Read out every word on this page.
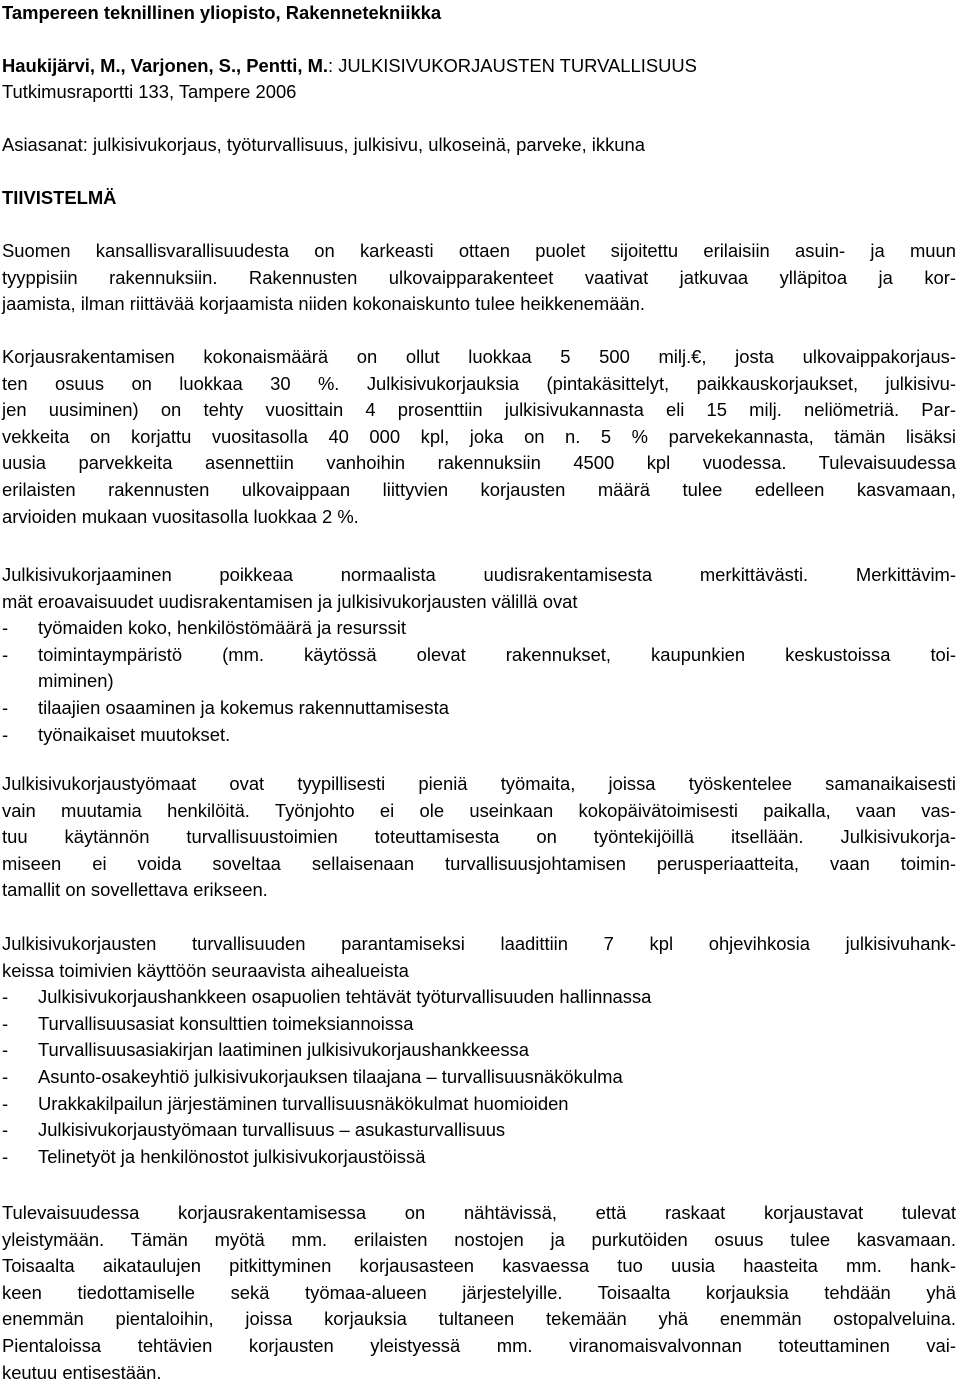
Tampereen teknillinen yliopisto, Rakennetekniikka
Haukijärvi, M., Varjonen, S., Pentti, M.: JULKISIVUKORJAUSTEN TURVALLISUUS
Tutkimusraportti 133, Tampere 2006
Asiasanat: julkisivukorjaus, työturvallisuus, julkisivu, ulkoseinä, parveke, ikkuna
TIIVISTELMÄ
Suomen kansallisvarallisuudesta on karkeasti ottaen puolet sijoitettu erilaisiin asuin- ja muun
tyyppisiin rakennuksiin. Rakennusten ulkovaipparakenteet vaativat jatkuvaa ylläpitoa ja kor-
jaamista, ilman riittävää korjaamista niiden kokonaiskunto tulee heikkenemään.
Korjausrakentamisen kokonaismäärä on ollut luokkaa 5 500 milj.€, josta ulkovaippakorjaus-
ten osuus on luokkaa 30 %. Julkisivukorjauksia (pintakäsittelyt, paikkauskorjaukset, julkisivu-
jen uusiminen) on tehty vuosittain 4 prosenttiin julkisivukannasta eli 15 milj. neliömetriä. Par-
vekkeita on korjattu vuositasolla 40 000 kpl, joka on n. 5 % parvekekannasta, tämän lisäksi
uusia parvekkeita asennettiin vanhoihin rakennuksiin 4500 kpl vuodessa. Tulevaisuudessa
erilaisten rakennusten ulkovaippaan liittyvien korjausten määrä tulee edelleen kasvamaan,
arvioiden mukaan vuositasolla luokkaa 2 %.
Julkisivukorjaaminen poikkeaa normaalista uudisrakentamisesta merkittävästi. Merkittävim-
mät eroavaisuudet uudisrakentamisen ja julkisivukorjausten välillä ovat
-	työmaiden koko, henkilöstömäärä ja resurssit
-	toimintaympäristö (mm. käytössä olevat rakennukset, kaupunkien keskustoissa toi-
miminen)
-	tilaajien osaaminen ja kokemus rakennuttamisesta
-	työnaikaiset muutokset.
Julkisivukorjaustyömaat ovat tyypillisesti pieniä työmaita, joissa työskentelee samanaikaisesti
vain muutamia henkilöitä. Työnjohto ei ole useinkaan kokopäivätoimisesti paikalla, vaan vas-
tuu käytännön turvallisuustoimien toteuttamisesta on työntekijöillä itsellään. Julkisivukorja-
miseen ei voida soveltaa sellaisenaan turvallisuusjohtamisen perusperiaatteita, vaan toimin-
tamallit on sovellettava erikseen.
Julkisivukorjausten turvallisuuden parantamiseksi laadittiin 7 kpl ohjevihkosia julkisivuhank-
keissa toimivien käyttöön seuraavista aihealueista
-	Julkisivukorjaushankkeen osapuolien tehtävät työturvallisuuden hallinnassa
-	Turvallisuusasiat konsulttien toimeksiannoissa
-	Turvallisuusasiakirjan laatiminen julkisivukorjaushankkeessa
-	Asunto-osakeyhtiö julkisivukorjauksen tilaajana – turvallisuusnäkökulma
-	Urakkakilpailun järjestäminen turvallisuusnäkökulmat huomioiden
-	Julkisivukorjaustyömaan turvallisuus – asukasturvallisuus
-	Telinetyöt ja henkilönostot julkisivukorjaustöissä
Tulevaisuudessa korjausrakentamisessa on nähtävissä, että raskaat korjaustavat tulevat
yleistymään. Tämän myötä mm. erilaisten nostojen ja purkutöiden osuus tulee kasvamaan.
Toisaalta aikataulujen pitkittyminen korjausasteen kasvaessa tuo uusia haasteita mm. hank-
keen tiedottamiselle sekä työmaa-alueen järjestelyille. Toisaalta korjauksia tehdään yhä
enemmän pientaloihin, joissa korjauksia tultaneen tekemään yhä enemmän ostopalveluina.
Pientaloissa tehtävien korjausten yleistyessä mm. viranomaisvalvonnan toteuttaminen vai-
keutuu entisestään.
